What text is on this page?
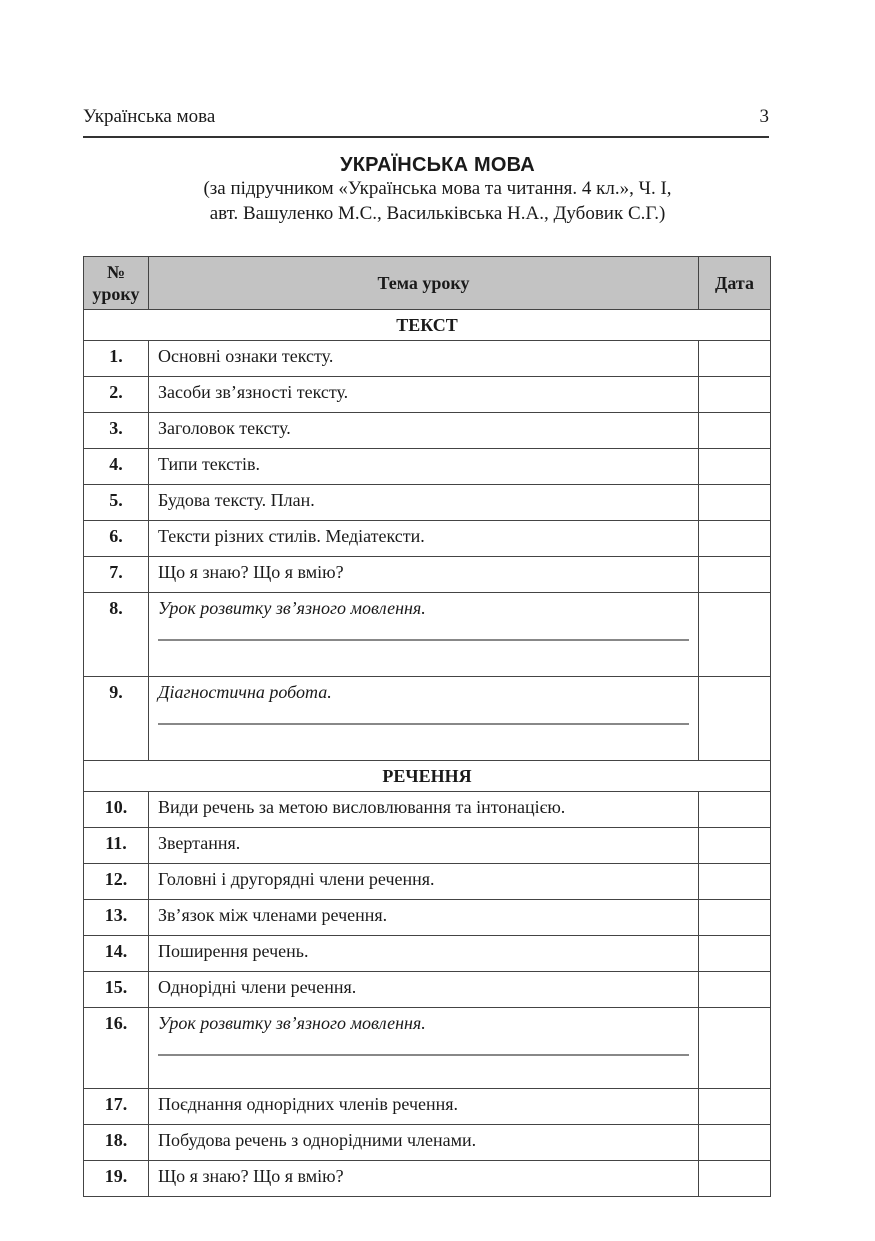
Українська мова	3
УКРАЇНСЬКА МОВА
(за підручником «Українська мова та читання. 4 кл.», Ч. І,
авт. Вашуленко М.С., Васильківська Н.А., Дубовик С.Г.)
№
уроку	Тема уроку	Дата
ТЕКСТ		
1.	Основні ознаки тексту.	

2.	Засоби зв’язності тексту.	

3.	Заголовок тексту.	

4.	Типи текстів.	

5.	Будова тексту. План.	

6.	Тексти різних стилів. Медіатексти.	

7.	Що я знаю? Що я вмію?	

8.	Урок розвитку зв’язного мовлення.	

9.	Діагностична робота.	

РЕЧЕННЯ		
10.	Види речень за метою висловлювання та інтонацією.	

11.	Звертання.	

12.	Головні і другорядні члени речення.	

13.	Зв’язок між членами речення.	

14.	Поширення речень.	

15.	Однорідні члени речення.	

16.	Урок розвитку зв’язного мовлення.	

17.	Поєднання однорідних членів речення.	

18.	Побудова речень з однорідними членами.	

19.	Що я знаю? Що я вмію?	
